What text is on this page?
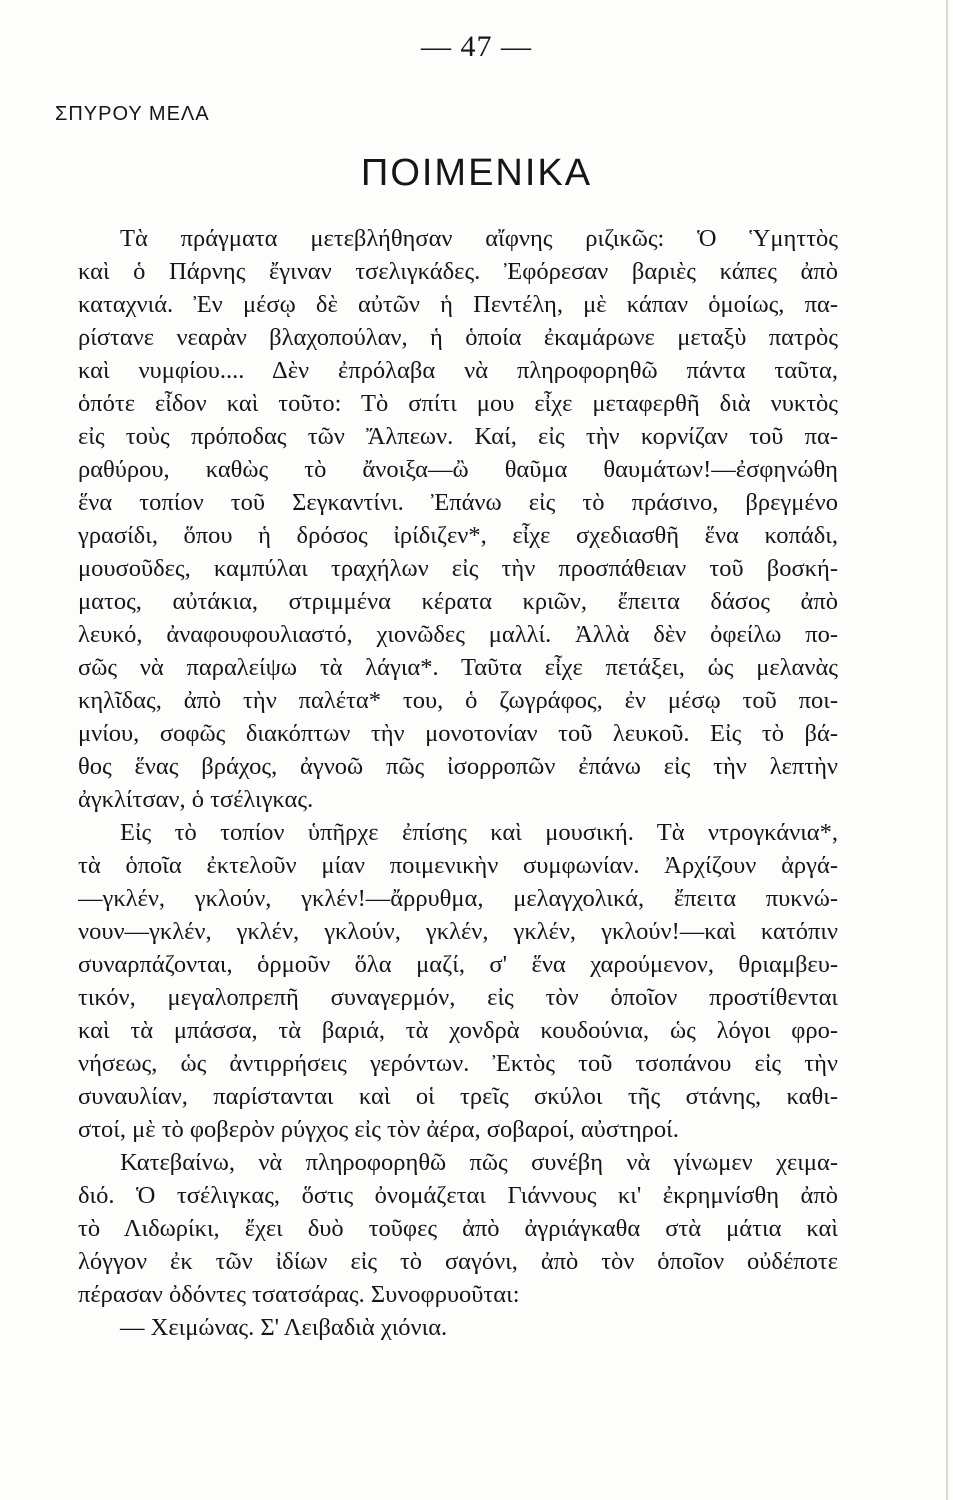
— 47 —
ΣΠΥΡΟΥ ΜΕΛΑ
ΠΟΙΜΕΝΙΚΑ
Τὰ πράγματα μετεβλήθησαν αἴφνης ριζικῶς: Ὁ Ὑμηττὸς
καὶ ὁ Πάρνης ἔγιναν τσελιγκάδες. Ἐφόρεσαν βαριὲς κάπες ἀπὸ
καταχνιά. Ἐν μέσῳ δὲ αὐτῶν ἡ Πεντέλη, μὲ κάπαν ὁμοίως, πα-
ρίστανε νεαρὰν βλαχοπούλαν, ἡ ὁποία ἐκαμάρωνε μεταξὺ πατρὸς
καὶ νυμφίου.... Δὲν ἐπρόλαβα νὰ πληροφορηθῶ πάντα ταῦτα,
ὁπότε εἶδον καὶ τοῦτο: Τὸ σπίτι μου εἶχε μεταφερθῆ διὰ νυκτὸς
εἰς τοὺς πρόποδας τῶν Ἄλπεων. Καί, εἰς τὴν κορνίζαν τοῦ πα-
ραθύρου, καθὼς τὸ ἄνοιξα—ὢ θαῦμα θαυμάτων!—ἐσφηνώθη
ἕνα τοπίον τοῦ Σεγκαντίνι. Ἐπάνω εἰς τὸ πράσινο, βρεγμένο
γρασίδι, ὅπου ἡ δρόσος ἰρίδιζεν*, εἶχε σχεδιασθῆ ἕνα κοπάδι,
μουσοῦδες, καμπύλαι τραχήλων εἰς τὴν προσπάθειαν τοῦ βοσκή-
ματος, αὐτάκια, στριμμένα κέρατα κριῶν, ἔπειτα δάσος ἀπὸ
λευκό, ἀναφουφουλιαστό, χιονῶδες μαλλί. Ἀλλὰ δὲν ὀφείλω πο-
σῶς νὰ παραλείψω τὰ λάγια*. Ταῦτα εἶχε πετάξει, ὡς μελανὰς
κηλῖδας, ἀπὸ τὴν παλέτα* του, ὁ ζωγράφος, ἐν μέσῳ τοῦ ποι-
μνίου, σοφῶς διακόπτων τὴν μονοτονίαν τοῦ λευκοῦ. Εἰς τὸ βά-
θος ἕνας βράχος, ἀγνοῶ πῶς ἰσορροπῶν ἐπάνω εἰς τὴν λεπτὴν
ἀγκλίτσαν, ὁ τσέλιγκας.
Εἰς τὸ τοπίον ὑπῆρχε ἐπίσης καὶ μουσική. Τὰ ντρογκάνια*,
τὰ ὁποῖα ἐκτελοῦν μίαν ποιμενικὴν συμφωνίαν. Ἀρχίζουν ἀργά-
—γκλέν, γκλούν, γκλέν!—ἄρρυθμα, μελαγχολικά, ἔπειτα πυκνώ-
νουν—γκλέν, γκλέν, γκλούν, γκλέν, γκλέν, γκλούν!—καὶ κατόπιν
συναρπάζονται, ὁρμοῦν ὅλα μαζί, σ' ἕνα χαρούμενον, θριαμβευ-
τικόν, μεγαλοπρεπῆ συναγερμόν, εἰς τὸν ὁποῖον προστίθενται
καὶ τὰ μπάσσα, τὰ βαριά, τὰ χονδρὰ κουδούνια, ὡς λόγοι φρο-
νήσεως, ὡς ἀντιρρήσεις γερόντων. Ἐκτὸς τοῦ τσοπάνου εἰς τὴν
συναυλίαν, παρίστανται καὶ οἱ τρεῖς σκύλοι τῆς στάνης, καθι-
στοί, μὲ τὸ φοβερὸν ρύγχος εἰς τὸν ἀέρα, σοβαροί, αὐστηροί.
Κατεβαίνω, νὰ πληροφορηθῶ πῶς συνέβη νὰ γίνωμεν χειμα-
διό. Ὁ τσέλιγκας, ὅστις ὀνομάζεται Γιάννους κι' ἐκρημνίσθη ἀπὸ
τὸ Λιδωρίκι, ἔχει δυὸ τοῦφες ἀπὸ ἀγριάγκαθα στὰ μάτια καὶ
λόγγον ἐκ τῶν ἰδίων εἰς τὸ σαγόνι, ἀπὸ τὸν ὁποῖον οὐδέποτε
πέρασαν ὀδόντες τσατσάρας. Συνοφρυοῦται:
— Χειμώνας. Σ' Λειβαδιὰ χιόνια.
